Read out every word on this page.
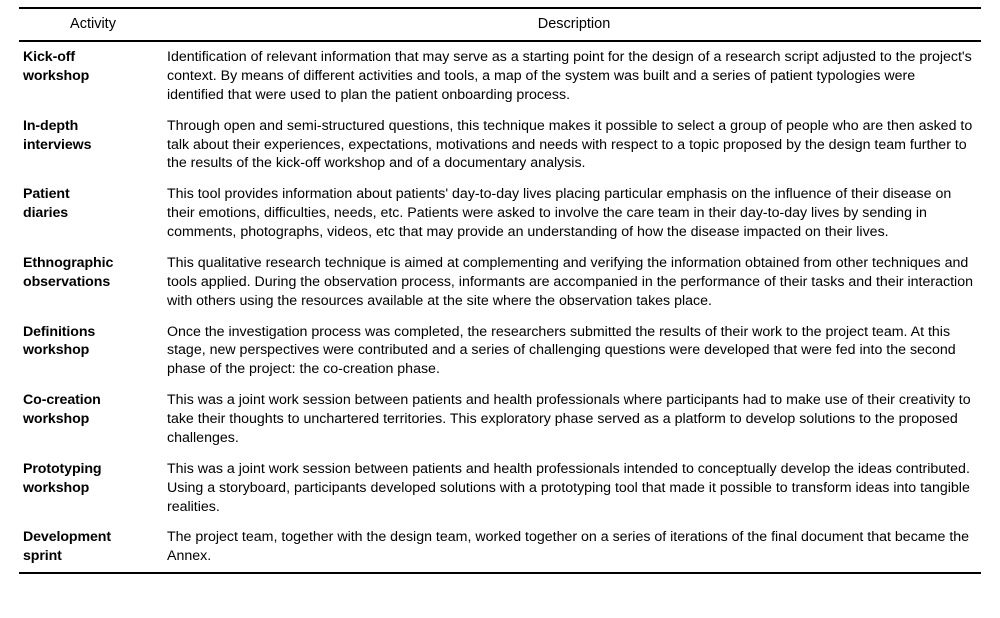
Activity	Description

Kick-off
workshop	Identification of relevant information that may serve as a starting point for the design of a research script adjusted to the project's context. By means of different activities and tools, a map of the system was built and a series of patient typologies were identified that were used to plan the patient onboarding process.

In-depth
interviews	Through open and semi-structured questions, this technique makes it possible to select a group of people who are then asked to talk about their experiences, expectations, motivations and needs with respect to a topic proposed by the design team further to the results of the kick-off workshop and of a documentary analysis.

Patient
diaries	This tool provides information about patients' day-to-day lives placing particular emphasis on the influence of their disease on their emotions, difficulties, needs, etc. Patients were asked to involve the care team in their day-to-day lives by sending in comments, photographs, videos, etc that may provide an understanding of how the disease impacted on their lives.

Ethnographic
observations	This qualitative research technique is aimed at complementing and verifying the information obtained from other techniques and tools applied. During the observation process, informants are accompanied in the performance of their tasks and their interaction with others using the resources available at the site where the observation takes place.

Definitions
workshop	Once the investigation process was completed, the researchers submitted the results of their work to the project team. At this stage, new perspectives were contributed and a series of challenging questions were developed that were fed into the second phase of the project: the co-creation phase.

Co-creation
workshop	This was a joint work session between patients and health professionals where participants had to make use of their creativity to take their thoughts to unchartered territories. This exploratory phase served as a platform to develop solutions to the proposed challenges.

Prototyping
workshop	This was a joint work session between patients and health professionals intended to conceptually develop the ideas contributed. Using a storyboard, participants developed solutions with a prototyping tool that made it possible to transform ideas into tangible realities.

Development
sprint	The project team, together with the design team, worked together on a series of iterations of the final document that became the Annex.
